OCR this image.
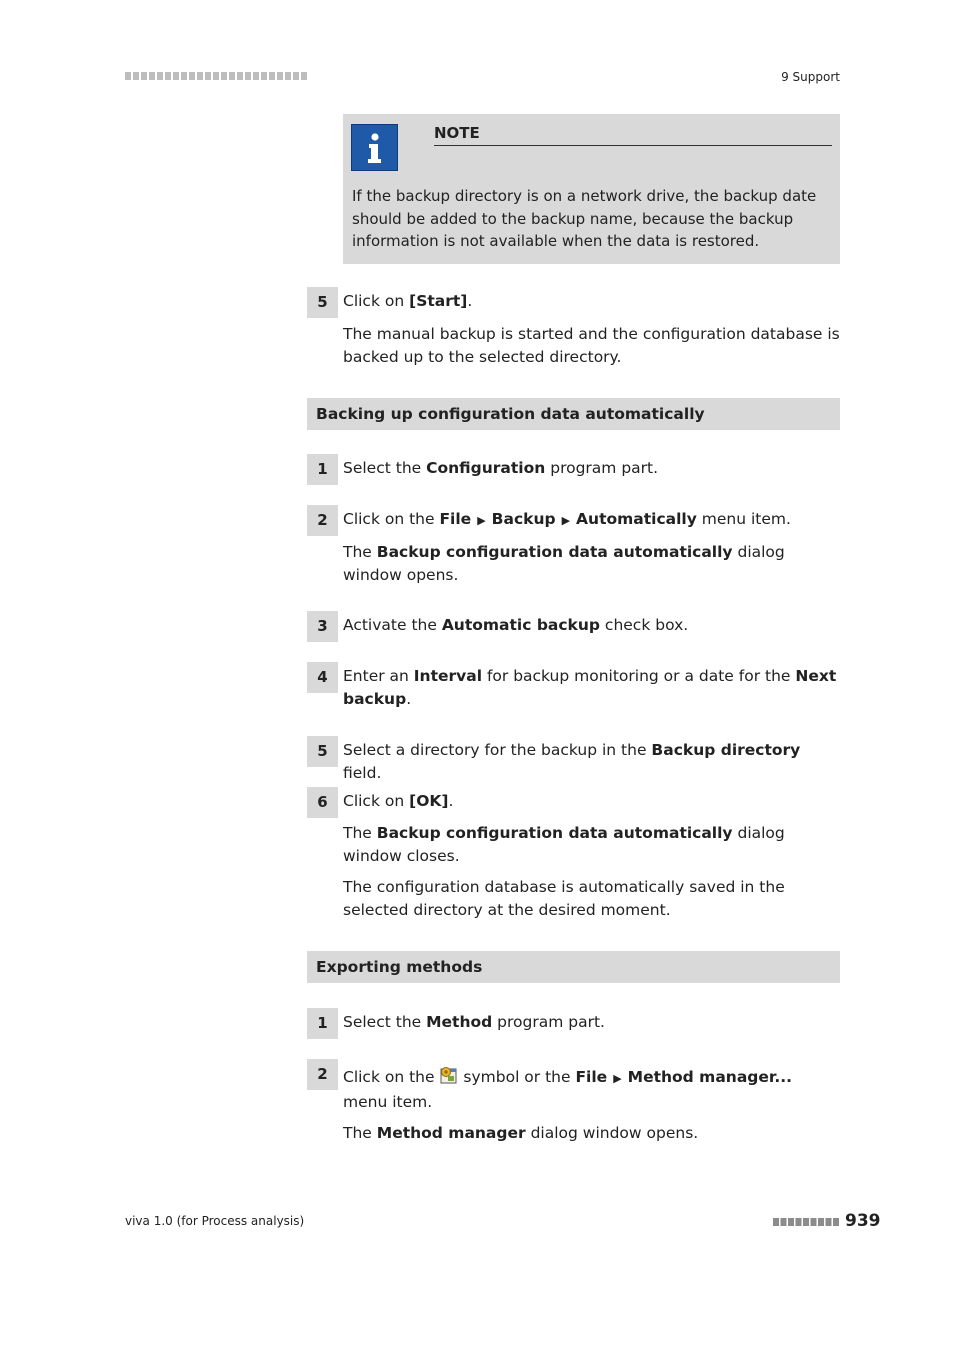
9 Support
NOTE
If the backup directory is on a network drive, the backup date should be added to the backup name, because the backup information is not available when the data is restored.
5 Click on [Start].
The manual backup is started and the configuration database is backed up to the selected directory.
Backing up configuration data automatically
1 Select the Configuration program part.
2 Click on the File ▶ Backup ▶ Automatically menu item.
The Backup configuration data automatically dialog window opens.
3 Activate the Automatic backup check box.
4 Enter an Interval for backup monitoring or a date for the Next backup.
5 Select a directory for the backup in the Backup directory field.
6 Click on [OK].
The Backup configuration data automatically dialog window closes.
The configuration database is automatically saved in the selected directory at the desired moment.
Exporting methods
1 Select the Method program part.
2 Click on the  symbol or the File ▶ Method manager... menu item.
The Method manager dialog window opens.
viva 1.0 (for Process analysis)	939
